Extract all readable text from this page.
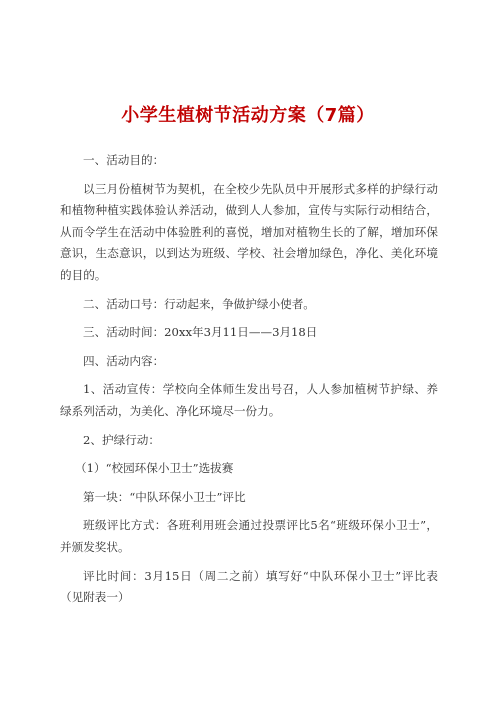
小学生植树节活动方案（7篇）

一、活动目的：

以三月份植树节为契机，在全校少先队员中开展形式多样的护绿行动和植物种植实践体验认养活动，做到人人参加，宣传与实际行动相结合，从而令学生在活动中体验胜利的喜悦，增加对植物生长的了解，增加环保意识，生态意识，以到达为班级、学校、社会增加绿色，净化、美化环境的目的。

二、活动口号：行动起来，争做护绿小使者。

三、活动时间：20xx年3月11日——3月18日

四、活动内容：

1、活动宣传：学校向全体师生发出号召，人人参加植树节护绿、养绿系列活动，为美化、净化环境尽一份力。

2、护绿行动：

（1）“校园环保小卫士”选拔赛

第一块：“中队环保小卫士”评比

班级评比方式：各班利用班会通过投票评比5名“班级环保小卫士”，并颁发奖状。

评比时间：3月15日（周二之前）填写好“中队环保小卫士”评比表（见附表一）
